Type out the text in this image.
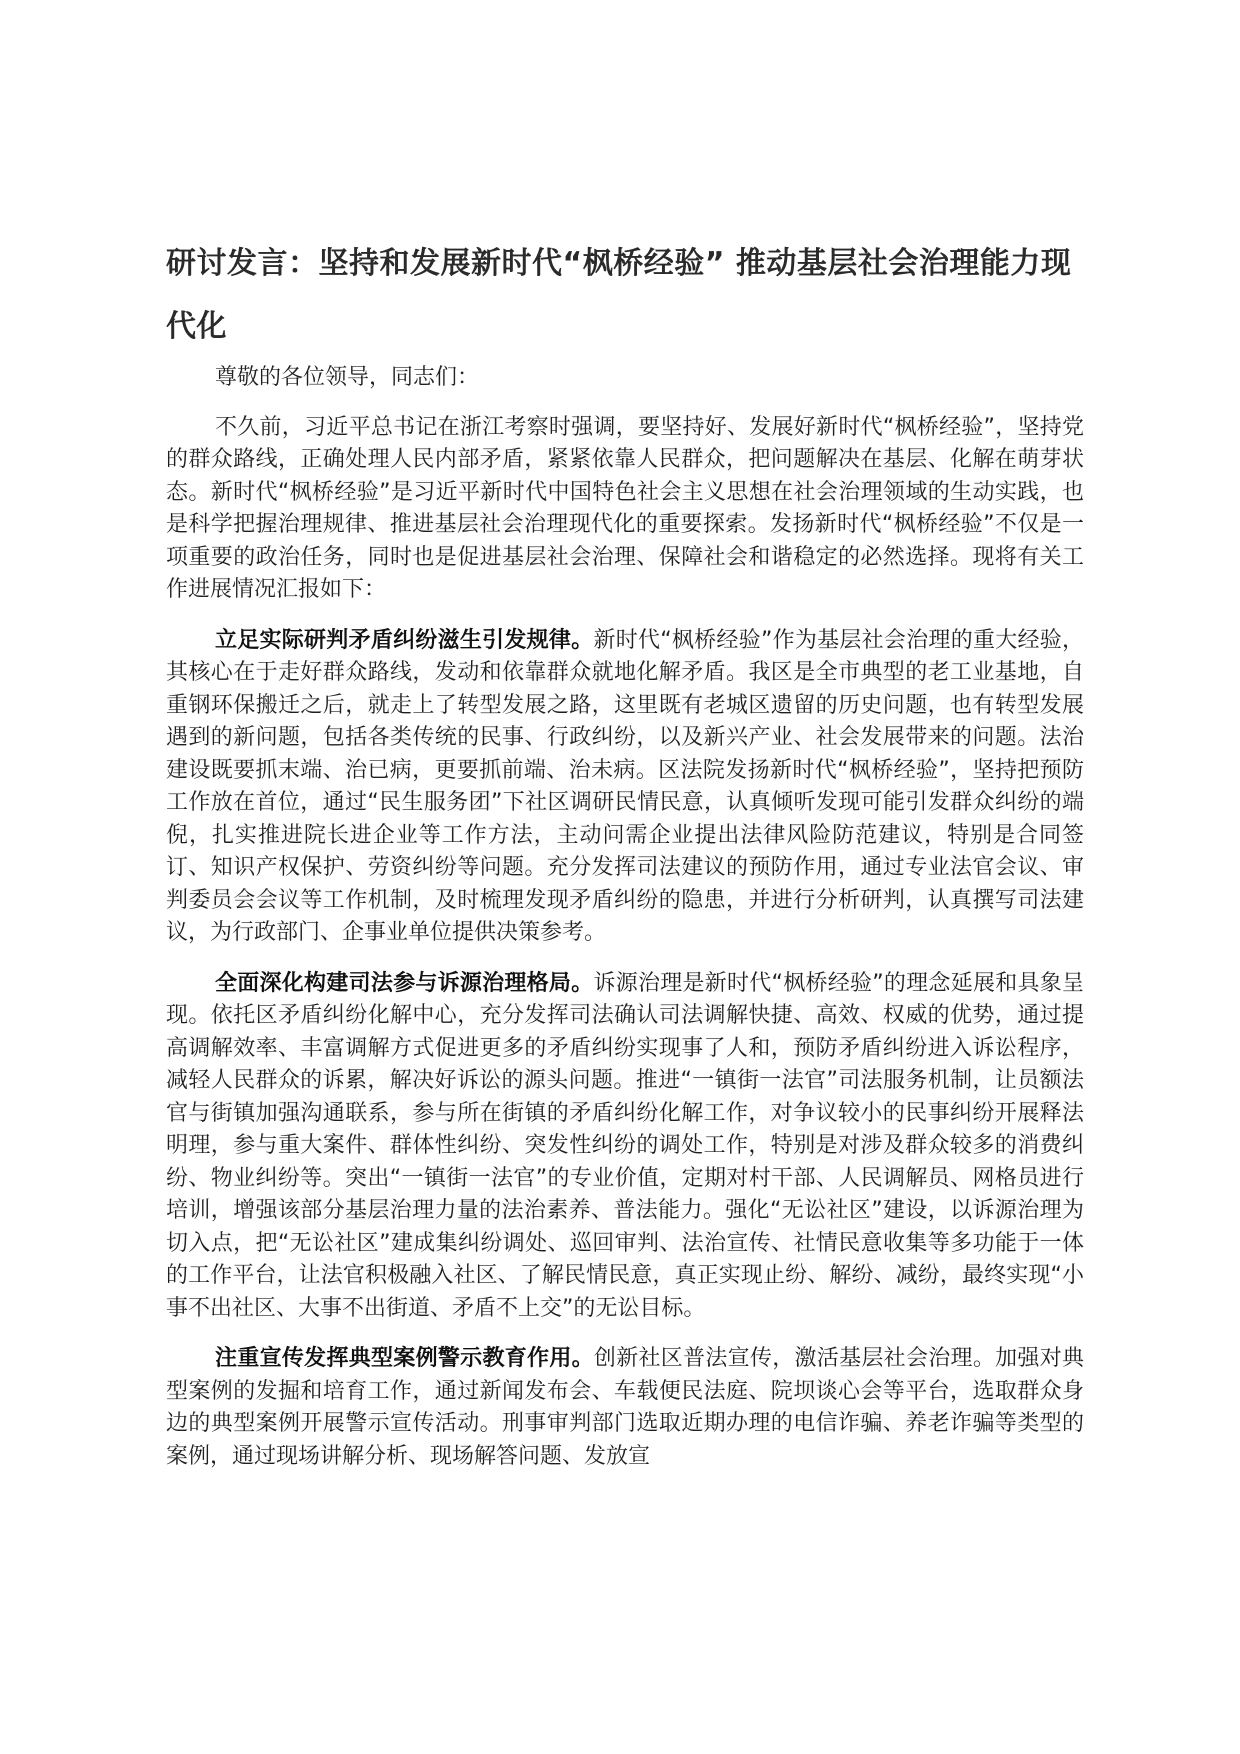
研讨发言：坚持和发展新时代“枫桥经验” 推动基层社会治理能力现代化

尊敬的各位领导，同志们：

不久前，习近平总书记在浙江考察时强调，要坚持好、发展好新时代“枫桥经验”，坚持党的群众路线，正确处理人民内部矛盾，紧紧依靠人民群众，把问题解决在基层、化解在萌芽状态。新时代“枫桥经验”是习近平新时代中国特色社会主义思想在社会治理领域的生动实践，也是科学把握治理规律、推进基层社会治理现代化的重要探索。发扬新时代“枫桥经验”不仅是一项重要的政治任务，同时也是促进基层社会治理、保障社会和谐稳定的必然选择。现将有关工作进展情况汇报如下：

立足实际研判矛盾纠纷滋生引发规律。新时代“枫桥经验”作为基层社会治理的重大经验，其核心在于走好群众路线，发动和依靠群众就地化解矛盾。我区是全市典型的老工业基地，自重钢环保搬迁之后，就走上了转型发展之路，这里既有老城区遗留的历史问题，也有转型发展遇到的新问题，包括各类传统的民事、行政纠纷，以及新兴产业、社会发展带来的问题。法治建设既要抓末端、治已病，更要抓前端、治未病。区法院发扬新时代“枫桥经验”，坚持把预防工作放在首位，通过“民生服务团”下社区调研民情民意，认真倾听发现可能引发群众纠纷的端倪，扎实推进院长进企业等工作方法，主动问需企业提出法律风险防范建议，特别是合同签订、知识产权保护、劳资纠纷等问题。充分发挥司法建议的预防作用，通过专业法官会议、审判委员会会议等工作机制，及时梳理发现矛盾纠纷的隐患，并进行分析研判，认真撰写司法建议，为行政部门、企事业单位提供决策参考。

全面深化构建司法参与诉源治理格局。诉源治理是新时代“枫桥经验”的理念延展和具象呈现。依托区矛盾纠纷化解中心，充分发挥司法确认司法调解快捷、高效、权威的优势，通过提高调解效率、丰富调解方式促进更多的矛盾纠纷实现事了人和，预防矛盾纠纷进入诉讼程序，减轻人民群众的诉累，解决好诉讼的源头问题。推进“一镇街一法官”司法服务机制，让员额法官与街镇加强沟通联系，参与所在街镇的矛盾纠纷化解工作，对争议较小的民事纠纷开展释法明理，参与重大案件、群体性纠纷、突发性纠纷的调处工作，特别是对涉及群众较多的消费纠纷、物业纠纷等。突出“一镇街一法官”的专业价值，定期对村干部、人民调解员、网格员进行培训，增强该部分基层治理力量的法治素养、普法能力。强化“无讼社区”建设，以诉源治理为切入点，把“无讼社区”建成集纠纷调处、巡回审判、法治宣传、社情民意收集等多功能于一体的工作平台，让法官积极融入社区、了解民情民意，真正实现止纷、解纷、减纷，最终实现“小事不出社区、大事不出街道、矛盾不上交”的无讼目标。

注重宣传发挥典型案例警示教育作用。创新社区普法宣传，激活基层社会治理。加强对典型案例的发掘和培育工作，通过新闻发布会、车载便民法庭、院坝谈心会等平台，选取群众身边的典型案例开展警示宣传活动。刑事审判部门选取近期办理的电信诈骗、养老诈骗等类型的案例，通过现场讲解分析、现场解答问题、发放宣
